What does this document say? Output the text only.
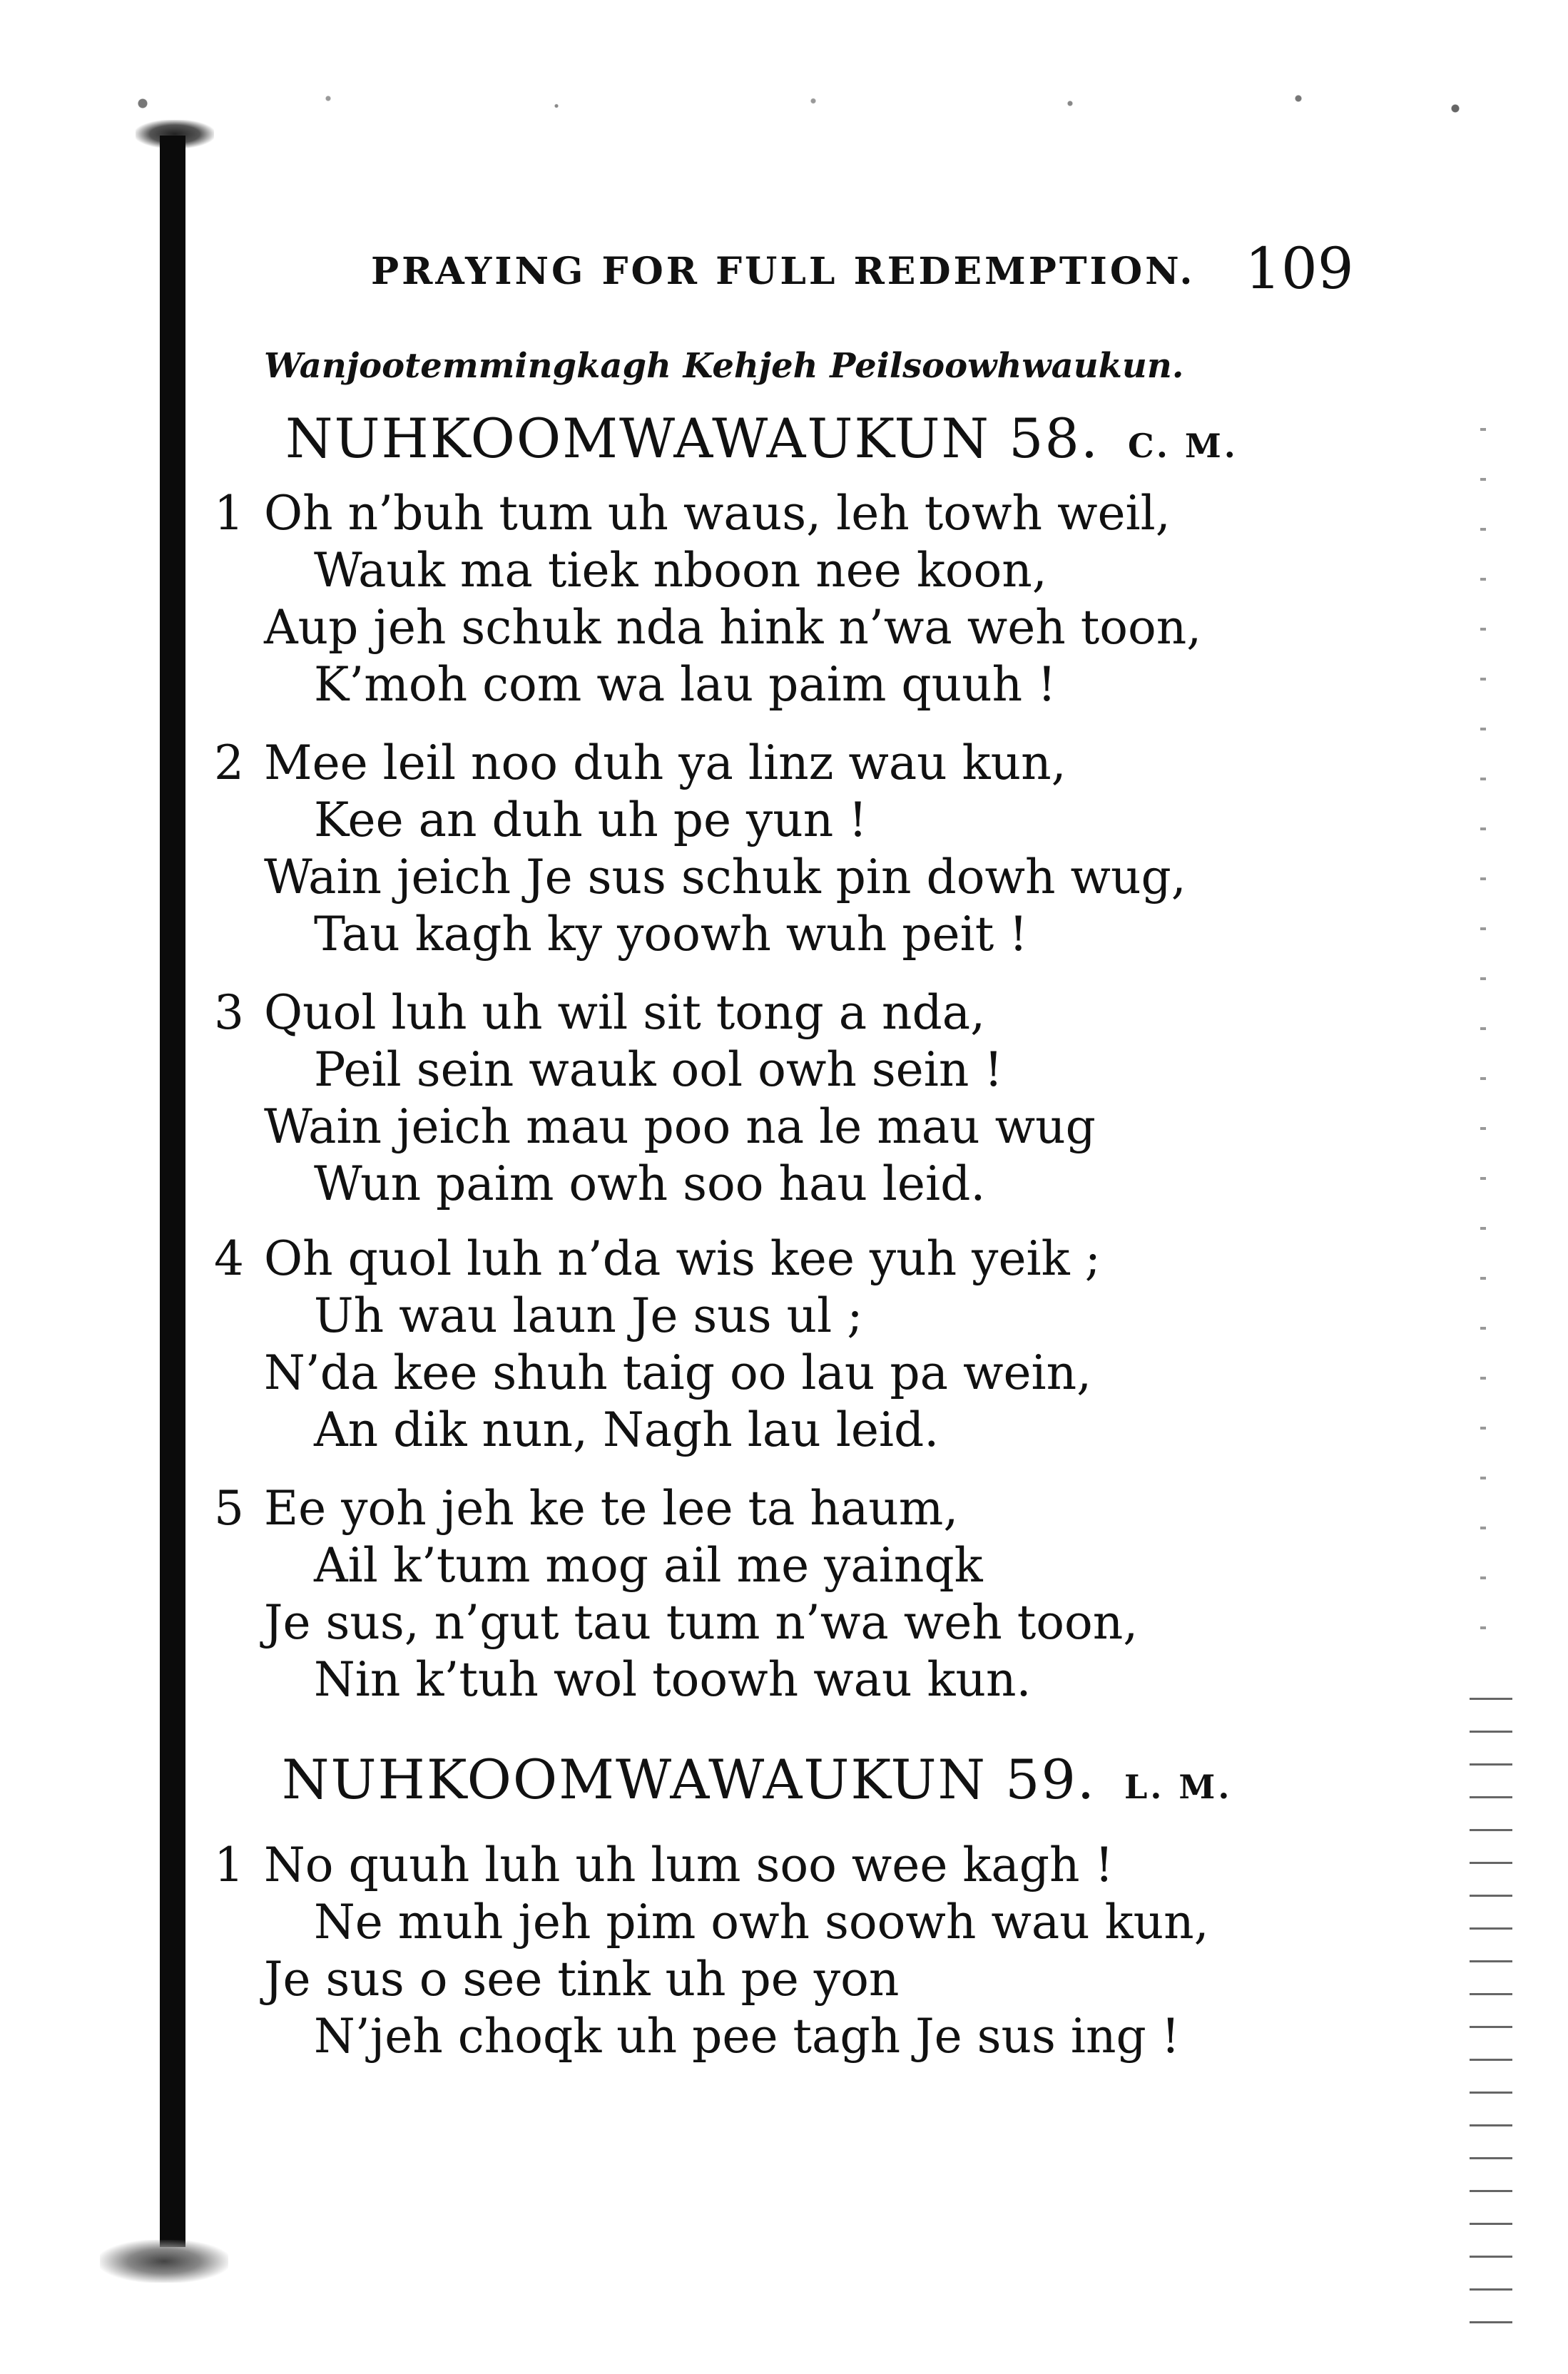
PRAYING FOR FULL REDEMPTION. 109
Wanjootemmingkagh Kehjeh Peilsoowhwaukun.
NUHKOOMWAWAUKUN 58. C. M.
1 Oh n’buh tum uh waus, leh towh weil,
Wauk ma tiek nboon nee koon,
Aup jeh schuk nda hink n’wa weh toon,
K’moh com wa lau paim quuh !
2 Mee leil noo duh ya linz wau kun,
Kee an duh uh pe yun !
Wain jeich Je sus schuk pin dowh wug,
Tau kagh ky yoowh wuh peit !
3 Quol luh uh wil sit tong a nda,
Peil sein wauk ool owh sein !
Wain jeich mau poo na le mau wug
Wun paim owh soo hau leid.
4 Oh quol luh n’da wis kee yuh yeik ;
Uh wau laun Je sus ul ;
N’da kee shuh taig oo lau pa wein,
An dik nun, Nagh lau leid.
5 Ee yoh jeh ke te lee ta haum,
Ail k’tum mog ail me yainqk
Je sus, n’gut tau tum n’wa weh toon,
Nin k’tuh wol toowh wau kun.
NUHKOOMWAWAUKUN 59. L. M.
1 No quuh luh uh lum soo wee kagh !
Ne muh jeh pim owh soowh wau kun,
Je sus o see tink uh pe yon
N’jeh choqk uh pee tagh Je sus ing !
